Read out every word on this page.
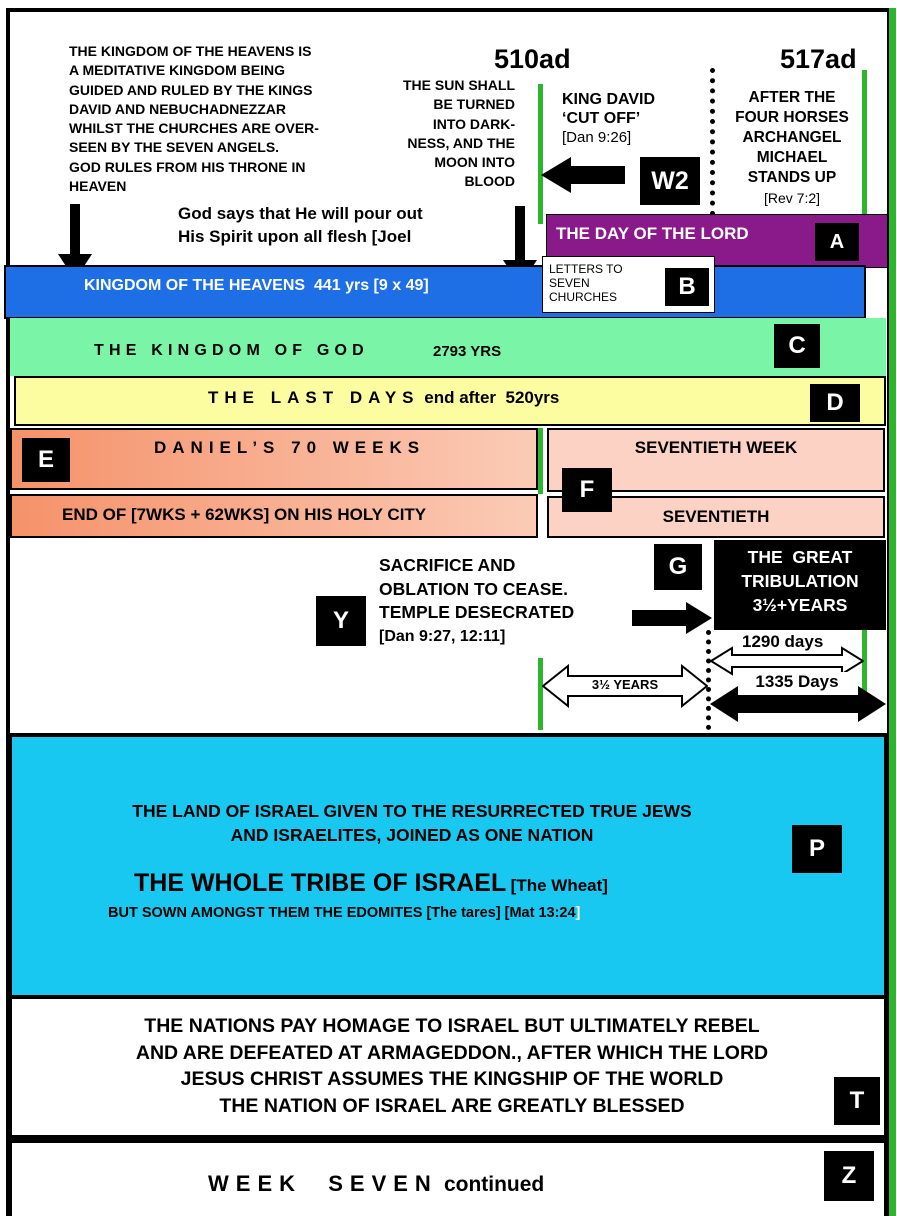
THE KINGDOM OF THE HEAVENS IS
A MEDITATIVE KINGDOM BEING
GUIDED AND RULED BY THE KINGS
DAVID AND NEBUCHADNEZZAR
WHILST THE CHURCHES ARE OVER-
SEEN BY THE SEVEN ANGELS.
GOD RULES FROM HIS THRONE IN
HEAVEN
510ad	517ad
THE SUN SHALL
BE TURNED
INTO DARK-
NESS, AND THE
MOON INTO
BLOOD
KING DAVID
‘CUT OFF’
[Dan 9:26]
AFTER THE
FOUR HORSES
ARCHANGEL
MICHAEL
STANDS UP
[Rev 7:2]
W2
God says that He will pour out
His Spirit upon all flesh [Joel	THE DAY OF THE LORD	A
KINGDOM OF THE HEAVENS  441 yrs [9 x 49]
LETTERS TO
SEVEN
CHURCHES	B
THE KINGDOM OF GOD	2793 YRS	C
THE LAST DAYS end after  520yrs	D
E	DANIEL’S 70 WEEKS
END OF [7WKS + 62WKS] ON HIS HOLY CITY
SEVENTIETH WEEK
SEVENTIETH
F
Y
SACRIFICE AND
OBLATION TO CEASE.
TEMPLE DESECRATED
[Dan 9:27, 12:11]
G	THE  GREAT
TRIBULATION
3½+YEARS
1290 days
3½ YEARS	1335 Days
THE LAND OF ISRAEL GIVEN TO THE RESURRECTED TRUE JEWS
AND ISRAELITES, JOINED AS ONE NATION
THE WHOLE TRIBE OF ISRAEL [The Wheat]
BUT SOWN AMONGST THEM THE EDOMITES [The tares] [Mat 13:24]
P
THE NATIONS PAY HOMAGE TO ISRAEL BUT ULTIMATELY REBEL
AND ARE DEFEATED AT ARMAGEDDON., AFTER WHICH THE LORD
JESUS CHRIST ASSUMES THE KINGSHIP OF THE WORLD
THE NATION OF ISRAEL ARE GREATLY BLESSED	T
WEEK  SEVEN continued	Z
